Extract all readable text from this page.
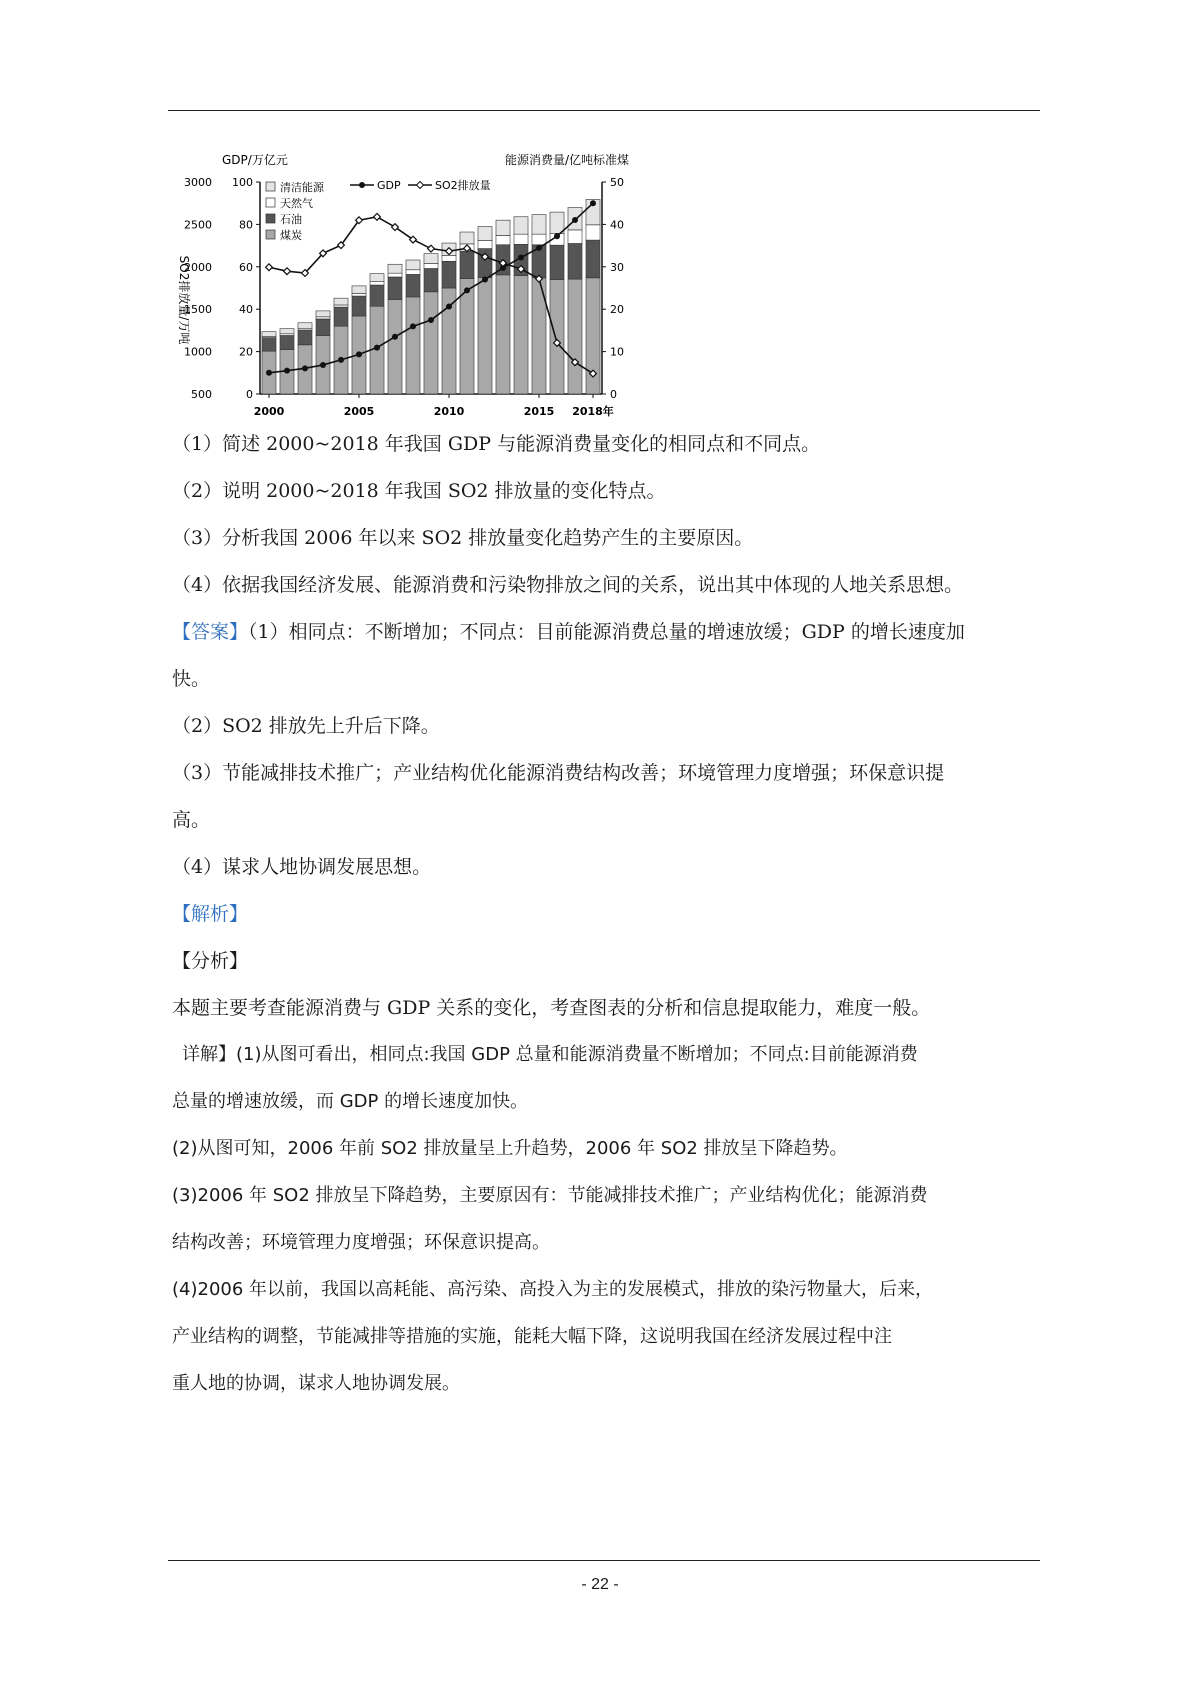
100
3000	50
80
2500	40
60
2000	30
40
1500	20
20
1000	10
0
500	0
2000	2005	2010	2015 2018年
清洁能源
天然气
石油
煤炭
GDP	SO2排放量
GDP/万亿元	能源消费量/亿吨标准煤
SO2排放量/万吨
（1）简述 2000~2018 年我国 GDP 与能源消费量变化的相同点和不同点。
（2）说明 2000~2018 年我国 SO2 排放量的变化特点。
（3）分析我国 2006 年以来 SO2 排放量变化趋势产生的主要原因。
（4）依据我国经济发展、能源消费和污染物排放之间的关系，说出其中体现的人地关系思想。
【答案】（1）相同点：不断增加；不同点：目前能源消费总量的增速放缓；GDP 的增长速度加
快。
（2）SO2 排放先上升后下降。
（3）节能减排技术推广；产业结构优化能源消费结构改善；环境管理力度增强；环保意识提
高。
（4）谋求人地协调发展思想。
【解析】
【分析】
本题主要考查能源消费与 GDP 关系的变化，考查图表的分析和信息提取能力，难度一般。
详解】(1)从图可看出，相同点:我国 GDP 总量和能源消费量不断增加；不同点:目前能源消费
总量的增速放缓，而 GDP 的增长速度加快。
(2)从图可知，2006 年前 SO2 排放量呈上升趋势，2006 年 SO2 排放呈下降趋势。
(3)2006 年 SO2 排放呈下降趋势，主要原因有：节能减排技术推广；产业结构优化；能源消费
结构改善；环境管理力度增强；环保意识提高。
(4)2006 年以前，我国以高耗能、高污染、高投入为主的发展模式，排放的染污物量大，后来，
产业结构的调整，节能减排等措施的实施，能耗大幅下降，这说明我国在经济发展过程中注
重人地的协调，谋求人地协调发展。
- 22 -
